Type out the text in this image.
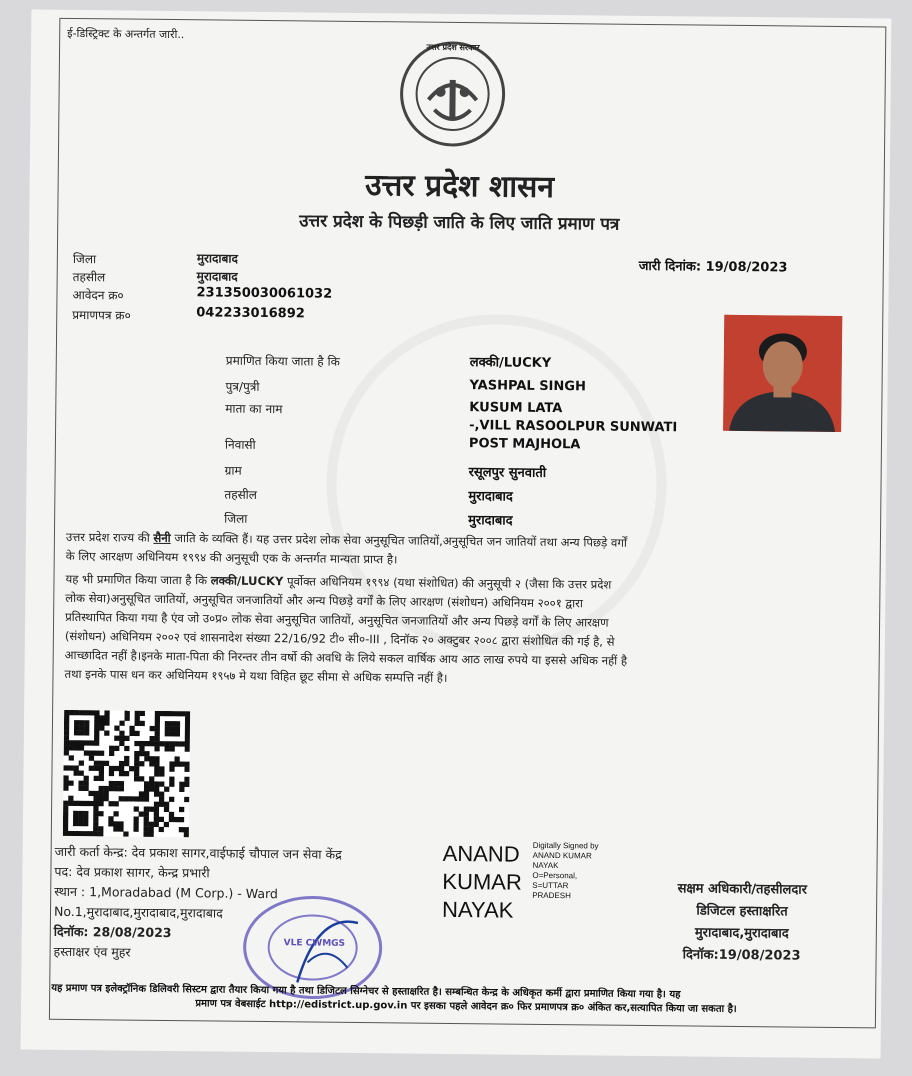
ई-डिस्ट्रिक्ट के अन्तर्गत जारी..
उत्तर प्रदेश सरकार
उत्तर प्रदेश शासन
उत्तर प्रदेश के पिछड़ी जाति के लिए जाति प्रमाण पत्र
जिला	मुरादाबाद
तहसील	मुरादाबाद
आवेदन क्र०	231350030061032
प्रमाणपत्र क्र०	042233016892
जारी दिनांक: 19/08/2023
प्रमाणित किया जाता है कि	लक्की/LUCKY
पुत्र/पुत्री	YASHPAL SINGH
माता का नाम	KUSUM LATA
-,VILL RASOOLPUR SUNWATI
निवासी	POST MAJHOLA
ग्राम	रसूलपुर सुनवाती
तहसील	मुरादाबाद
जिला	मुरादाबाद

उत्तर प्रदेश राज्य की सैनी जाति के व्यक्ति हैं। यह उत्तर प्रदेश लोक सेवा अनुसूचित जातियों,अनुसूचित जन जातियों तथा अन्य पिछड़े वर्गों

के लिए आरक्षण अधिनियम १९९४ की अनुसूची एक के अन्तर्गत मान्यता प्राप्त है।

यह भी प्रमाणित किया जाता है कि लक्की/LUCKY पूर्वोक्त अधिनियम १९९४ (यथा संशोधित) की अनुसूची २ (जैसा कि उत्तर प्रदेश

लोक सेवा)अनुसूचित जातियों, अनुसूचित जनजातियों और अन्य पिछड़े वर्गों के लिए आरक्षण (संशोधन) अधिनियम २००१ द्वारा

प्रतिस्थापित किया गया है एंव जो उ०प्र० लोक सेवा अनुसूचित जातियों, अनुसूचित जनजातियों और अन्य पिछड़े वर्गों के लिए आरक्षण

(संशोधन) अधिनियम २००२ एवं शासनादेश संख्या 22/16/92 टी० सी०-III , दिनॉक २० अक्टुबर २००८ द्वारा संशोधित की गई है, से

आच्छादित नहीं है।इनके माता-पिता की निरन्तर तीन वर्षो की अवधि के लिये सकल वार्षिक आय आठ लाख रुपये या इससे अधिक नहीं है

तथा इनके पास धन कर अधिनियम १९५७ मे यथा विहित छूट सीमा से अधिक सम्पत्ति नहीं है।

जारी कर्ता केन्द्र: देव प्रकाश सागर,वाईफाई चौपाल जन सेवा केंद्र
पद: देव प्रकाश सागर, केन्द्र प्रभारी
स्थान : 1,Moradabad (M Corp.) - Ward
No.1,मुरादाबाद,मुरादाबाद,मुरादाबाद
दिनॉक: 28/08/2023
हस्ताक्षर एंव मुहर
ANAND
KUMAR
NAYAK
Digitally Signed by
ANAND KUMAR
NAYAK
O=Personal,
S=UTTAR
PRADESH
VLE CWMGS
सक्षम अधिकारी/तहसीलदार
डिजिटल हस्ताक्षरित
मुरादाबाद,मुरादाबाद
दिनॉक:19/08/2023
यह प्रमाण पत्र इलेक्ट्रॉनिक डिलिवरी सिस्टम द्वारा तैयार किया गया है तथा डिजिटल सिग्नेचर से हस्ताक्षरित है। सम्बन्धित केन्द्र के अधिकृत कर्मी द्वारा प्रमाणित किया गया है। यह
प्रमाण पत्र वेबसाईट http://edistrict.up.gov.in पर इसका पहले आवेदन क्र० फिर प्रमाणपत्र क्र० अंकित कर,सत्यापित किया जा सकता है।
